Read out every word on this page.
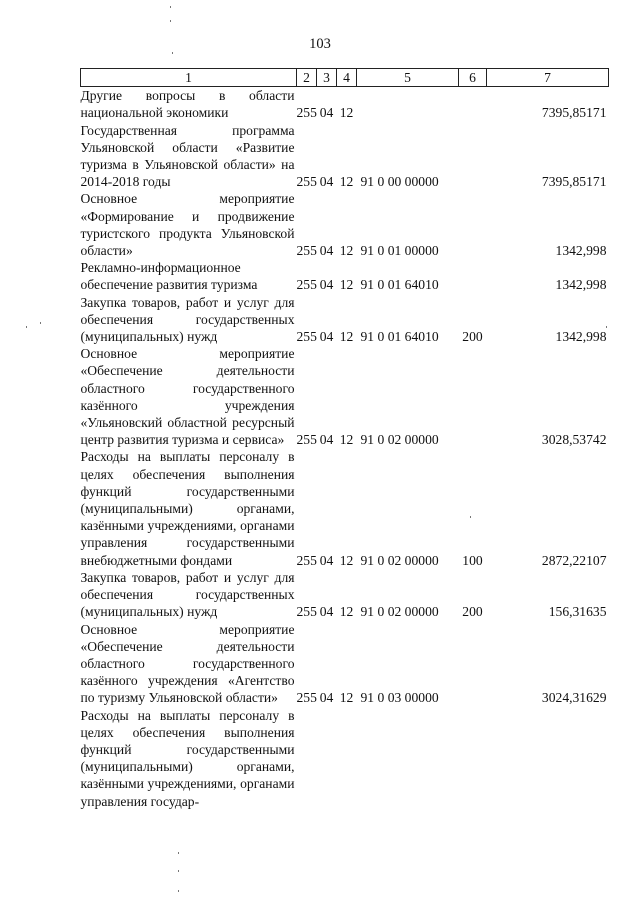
103
1	2	3	4	5	6	7
Другие вопросы в области национальной экономики	255	04	12			7395,85171
Государственная программа Ульяновской области «Развитие туризма в Ульяновской области» на 2014-2018 годы	255	04	12	91 0 00 00000		7395,85171
Основное мероприятие «Формирование и продвижение туристского продукта Ульяновской области»	255	04	12	91 0 01 00000		1342,998
Рекламно-информационное обеспечение развития туризма	255	04	12	91 0 01 64010		1342,998
Закупка товаров, работ и услуг для обеспечения государственных (муниципальных) нужд	255	04	12	91 0 01 64010	200	1342,998
Основное мероприятие «Обеспечение деятельности областного государственного казённого учреждения «Ульяновский областной ресурсный центр развития туризма и сервиса»	255	04	12	91 0 02 00000		3028,53742
Расходы на выплаты персоналу в целях обеспечения выполнения функций государственными (муниципальными) органами, казёнными учреждениями, органами управления государственными внебюджетными фондами	255	04	12	91 0 02 00000	100	2872,22107
Закупка товаров, работ и услуг для обеспечения государственных (муниципальных) нужд	255	04	12	91 0 02 00000	200	156,31635
Основное мероприятие «Обеспечение деятельности областного государственного казённого учреждения «Агентство по туризму Ульяновской области»	255	04	12	91 0 03 00000		3024,31629
Расходы на выплаты персоналу в целях обеспечения выполнения функций государственными (муниципальными) органами, казёнными учреждениями, органами управления государ-						
